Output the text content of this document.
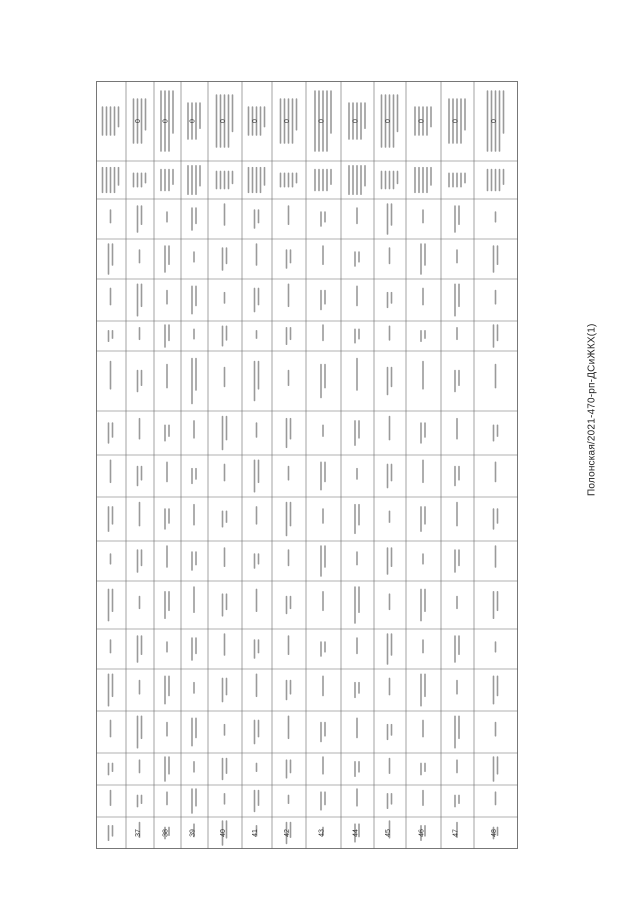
37
0
38
0
39
0
40
0
41
0
42
0
43
0
44
0
45
0
46
0
47
0
48
0
Полонская/2021-470-рп-ДСиЖКХ(1)
